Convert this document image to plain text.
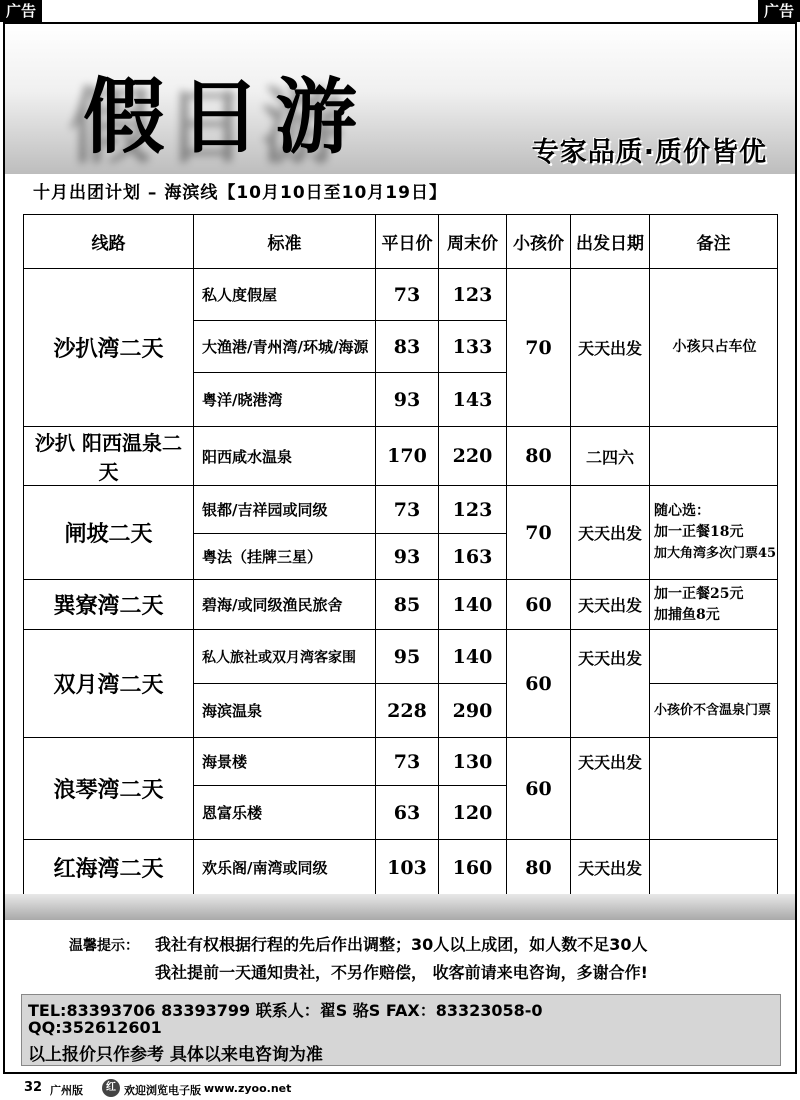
广告	广告
假日游	专家品质·质价皆优
十月出团计划 – 海滨线【10月10日至10月19日】
线路	标准	平日价	周末价	小孩价	出发日期	备注
沙扒湾二天	私人度假屋	73	123	70	天天出发	小孩只占车位
	大渔港/青州湾/环城/海源	83	133			
	粤洋/晓港湾	93	143			
沙扒 阳西温泉二天	阳西咸水温泉	170	220	80	二四六	
闸坡二天	银都/吉祥园或同级	73	123	70	天天出发	随心选：
加一正餐18元
加大角湾多次门票45

	粤法（挂牌三星）	93	163			
巽寮湾二天	碧海/或同级渔民旅舍	85	140	60	天天出发	加一正餐25元
加捕鱼8元

双月湾二天	私人旅社或双月湾客家围	95	140	60	天天出发	
	海滨温泉	228	290			小孩价不含温泉门票
浪琴湾二天	海景楼	73	130	60	天天出发	
	恩富乐楼	63	120			
红海湾二天	欢乐阁/南湾或同级	103	160	80	天天出发	
温馨提示： 我社有权根据行程的先后作出调整；30人以上成团，如人数不足30人
我社提前一天通知贵社，不另作赔偿， 收客前请来电咨询，多谢合作!
TEL:83393706 83393799 联系人：翟S 骆S FAX：83323058-0
QQ:352612601
以上报价只作参考 具体以来电咨询为准
32 广州版	红 欢迎浏览电子版 www.zyoo.net
